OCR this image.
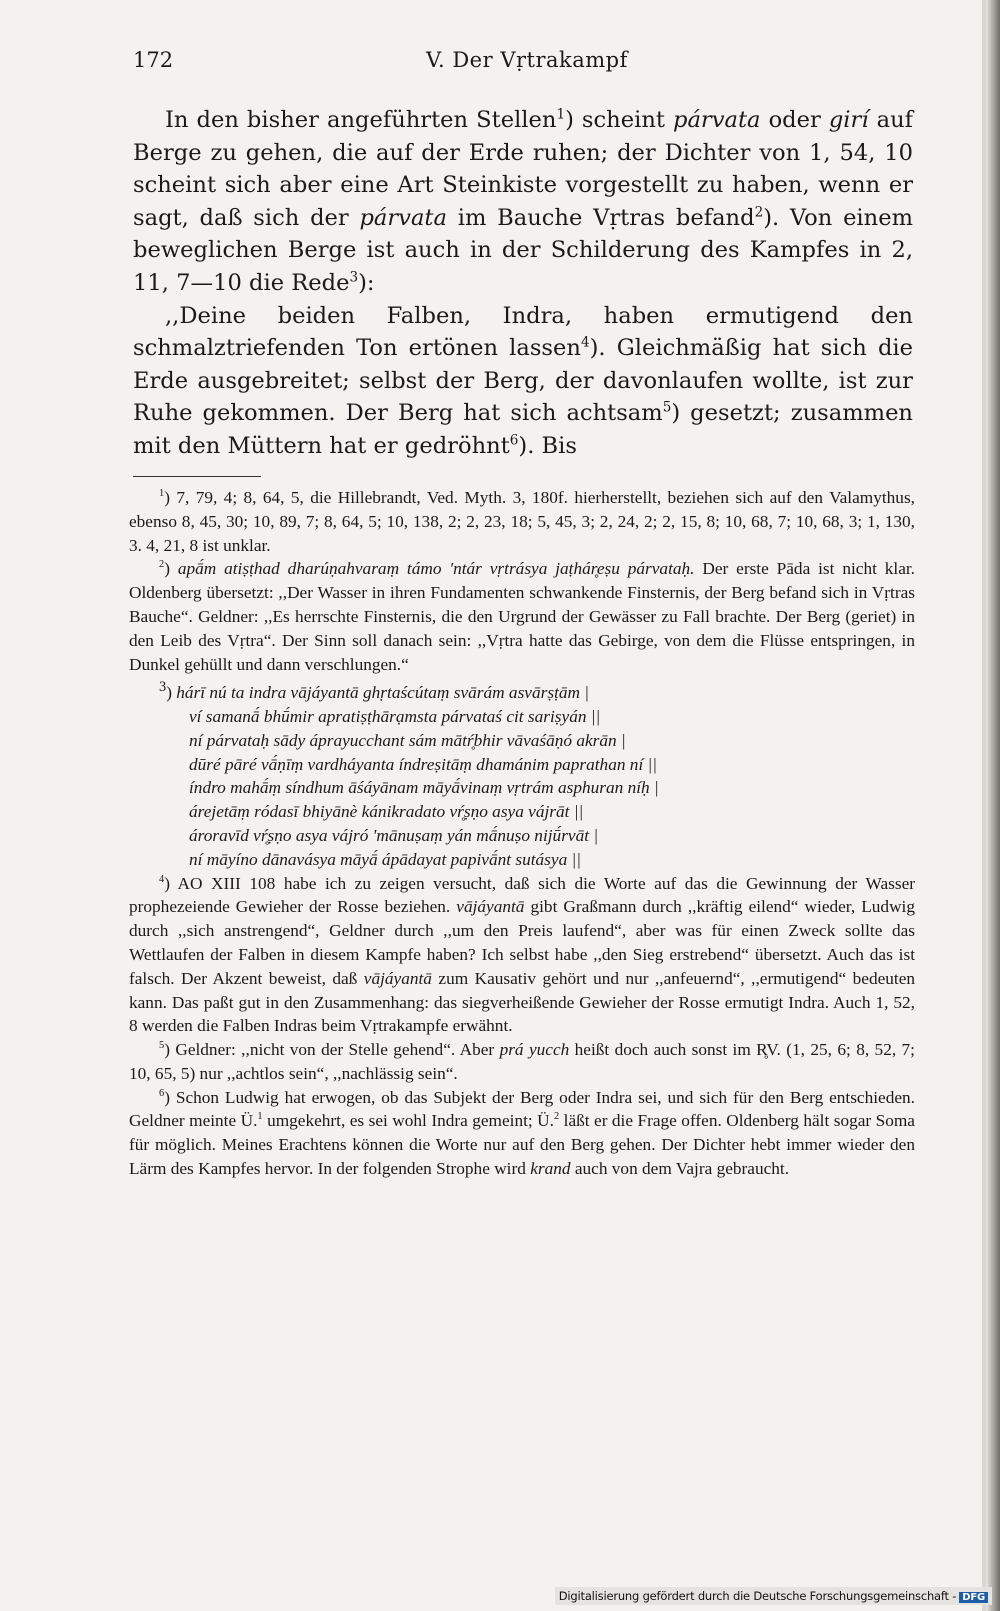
172	V. Der Vṛtrakampf

In den bisher angeführten Stellen$^1$) scheint párvata oder girí auf Berge zu gehen, die auf der Erde ruhen; der Dichter von 1, 54, 10 scheint sich aber eine Art Steinkiste vorgestellt zu haben, wenn er sagt, daß sich der párvata im Bauche Vṛtras befand$^2$). Von einem beweglichen Berge ist auch in der Schilderung des Kampfes in 2, 11, 7—10 die Rede$^3$):

,,Deine beiden Falben, Indra, haben ermutigend den schmalztriefenden Ton ertönen lassen$^4$). Gleichmäßig hat sich die Erde ausgebreitet; selbst der Berg, der davonlaufen wollte, ist zur Ruhe gekommen. Der Berg hat sich achtsam$^5$) gesetzt; zusammen mit den Müttern hat er gedröhnt$^6$). Bis

$^1$) 7, 79, 4; 8, 64, 5, die Hillebrandt, Ved. Myth. 3, 180f. hierherstellt, beziehen sich auf den Valamythus, ebenso 8, 45, 30; 10, 89, 7; 8, 64, 5; 10, 138, 2; 2, 23, 18; 5, 45, 3; 2, 24, 2; 2, 15, 8; 10, 68, 7; 10, 68, 3; 1, 130, 3. 4, 21, 8 ist unklar.

$^2$) apā́m atiṣṭhad dharúṇahvaraṃ támo 'ntár vṛtrásya jaṭhár̥eṣu párvataḥ. Der erste Pāda ist nicht klar. Oldenberg übersetzt: ,,Der Wasser in ihren Fundamenten schwankende Finsternis, der Berg befand sich in Vṛtras Bauche“. Geldner: ,,Es herrschte Finsternis, die den Urgrund der Gewässer zu Fall brachte. Der Berg (geriet) in den Leib des Vṛtra“. Der Sinn soll danach sein: ,,Vṛtra hatte das Gebirge, von dem die Flüsse entspringen, in Dunkel gehüllt und dann verschlungen.“

$^3$) hárī nú ta indra vājáyantā ghṛtaścútaṃ svārám asvārṣṭām |
ví samanā́ bhū́mir apratiṣṭhārạmsta párvataś cit sariṣyán ||
ní párvataḥ sādy áprayucchant sám mātŕ̥bhir vāvaśāṇó akrān |
dūré pāré vā́ṇīṃ vardháyanta índreṣitāṃ dhamánim paprathan ní ||
índro mahā́ṃ síndhum āśáyānam māyā́vinaṃ vṛtrám asphuran níḥ |
árejetāṃ ródasī bhiyānè kánikradato vŕ̥ṣṇo asya vájrāt ||
ároravīd vŕ̥ṣṇo asya vájró 'mānuṣaṃ yán mā́nuṣo nijū́rvāt |
ní māyíno dānavásya māyā́ ápādayat papivā́nt sutásya ||

$^4$) AO XIII 108 habe ich zu zeigen versucht, daß sich die Worte auf das die Gewinnung der Wasser prophezeiende Gewieher der Rosse beziehen. vājáyantā gibt Graßmann durch ,,kräftig eilend“ wieder, Ludwig durch ,,sich anstrengend“, Geldner durch ,,um den Preis laufend“, aber was für einen Zweck sollte das Wettlaufen der Falben in diesem Kampfe haben? Ich selbst habe ,,den Sieg erstrebend“ übersetzt. Auch das ist falsch. Der Akzent beweist, daß vājáyantā zum Kausativ gehört und nur ,,anfeuernd“, ,,ermutigend“ bedeuten kann. Das paßt gut in den Zusammenhang: das siegverheißende Gewieher der Rosse ermutigt Indra. Auch 1, 52, 8 werden die Falben Indras beim Vṛtrakampfe erwähnt.

$^5$) Geldner: ,,nicht von der Stelle gehend“. Aber prá yucch heißt doch auch sonst im R̥V. (1, 25, 6; 8, 52, 7; 10, 65, 5) nur ,,achtlos sein“, ,,nachlässig sein“.

$^6$) Schon Ludwig hat erwogen, ob das Subjekt der Berg oder Indra sei, und sich für den Berg entschieden. Geldner meinte Ü.$^1$ umgekehrt, es sei wohl Indra gemeint; Ü.$^2$ läßt er die Frage offen. Oldenberg hält sogar Soma für möglich. Meines Erachtens können die Worte nur auf den Berg gehen. Der Dichter hebt immer wieder den Lärm des Kampfes hervor. In der folgenden Strophe wird krand auch von dem Vajra gebraucht.

Digitalisierung gefördert durch die Deutsche Forschungsgemeinschaft - DFG
